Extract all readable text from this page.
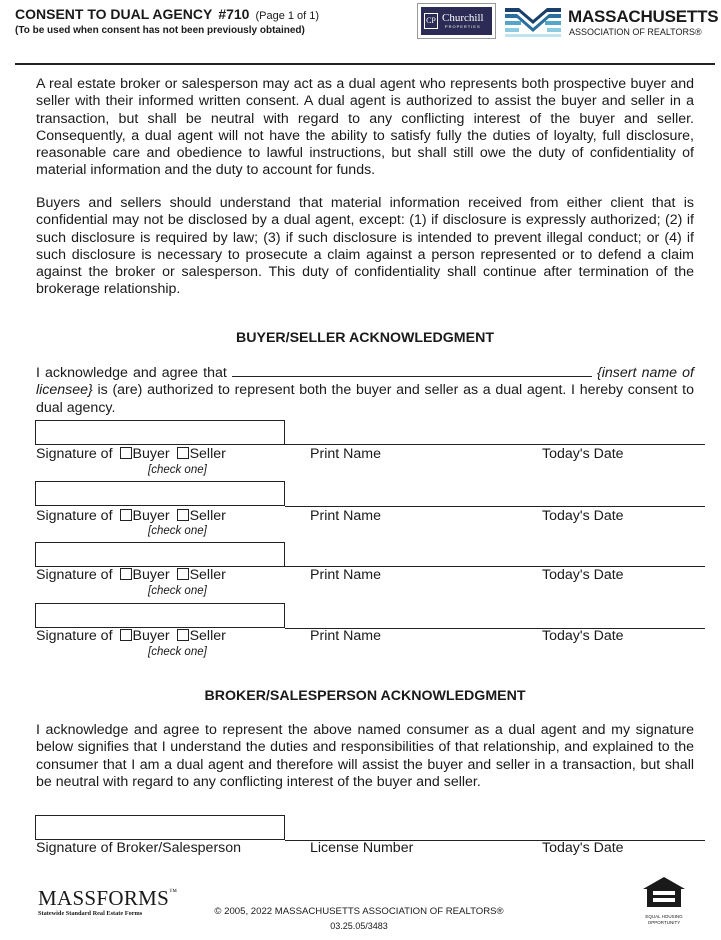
CONSENT TO DUAL AGENCY #710 (Page 1 of 1)
(To be used when consent has not been previously obtained)
CP Churchill
PROPERTIES
MASSACHUSETTS
ASSOCIATION OF REALTORS®

A real estate broker or salesperson may act as a dual agent who represents both prospective buyer and seller with their informed written consent. A dual agent is authorized to assist the buyer and seller in a transaction, but shall be neutral with regard to any conflicting interest of the buyer and seller. Consequently, a dual agent will not have the ability to satisfy fully the duties of loyalty, full disclosure, reasonable care and obedience to lawful instructions, but shall still owe the duty of confidentiality of material information and the duty to account for funds.

Buyers and sellers should understand that material information received from either client that is confidential may not be disclosed by a dual agent, except: (1) if disclosure is expressly authorized; (2) if such disclosure is required by law; (3) if such disclosure is intended to prevent illegal conduct; or (4) if such disclosure is necessary to prosecute a claim against a person represented or to defend a claim against the broker or salesperson. This duty of confidentiality shall continue after termination of the brokerage relationship.

BUYER/SELLER ACKNOWLEDGMENT

I acknowledge and agree that	{insert name of licensee} is (are) authorized to represent both the buyer and seller as a dual agent. I hereby consent to dual agency.

Signature of Buyer Seller
[check one]
Print Name	Today's Date
Signature of Buyer Seller
[check one]
Print Name	Today's Date
Signature of Buyer Seller
[check one]
Print Name	Today's Date
Signature of Buyer Seller
[check one]
Print Name	Today's Date
BROKER/SALESPERSON ACKNOWLEDGMENT

I acknowledge and agree to represent the above named consumer as a dual agent and my signature below signifies that I understand the duties and responsibilities of that relationship, and explained to the consumer that I am a dual agent and therefore will assist the buyer and seller in a transaction, but shall be neutral with regard to any conflicting interest of the buyer and seller.

Signature of Broker/Salesperson	License Number	Today's Date
MASSFORMS™
Statewide Standard Real Estate Forms	© 2005, 2022 MASSACHUSETTS ASSOCIATION OF REALTORS®
03.25.05/3483
EQUAL HOUSING
OPPORTUNITY
